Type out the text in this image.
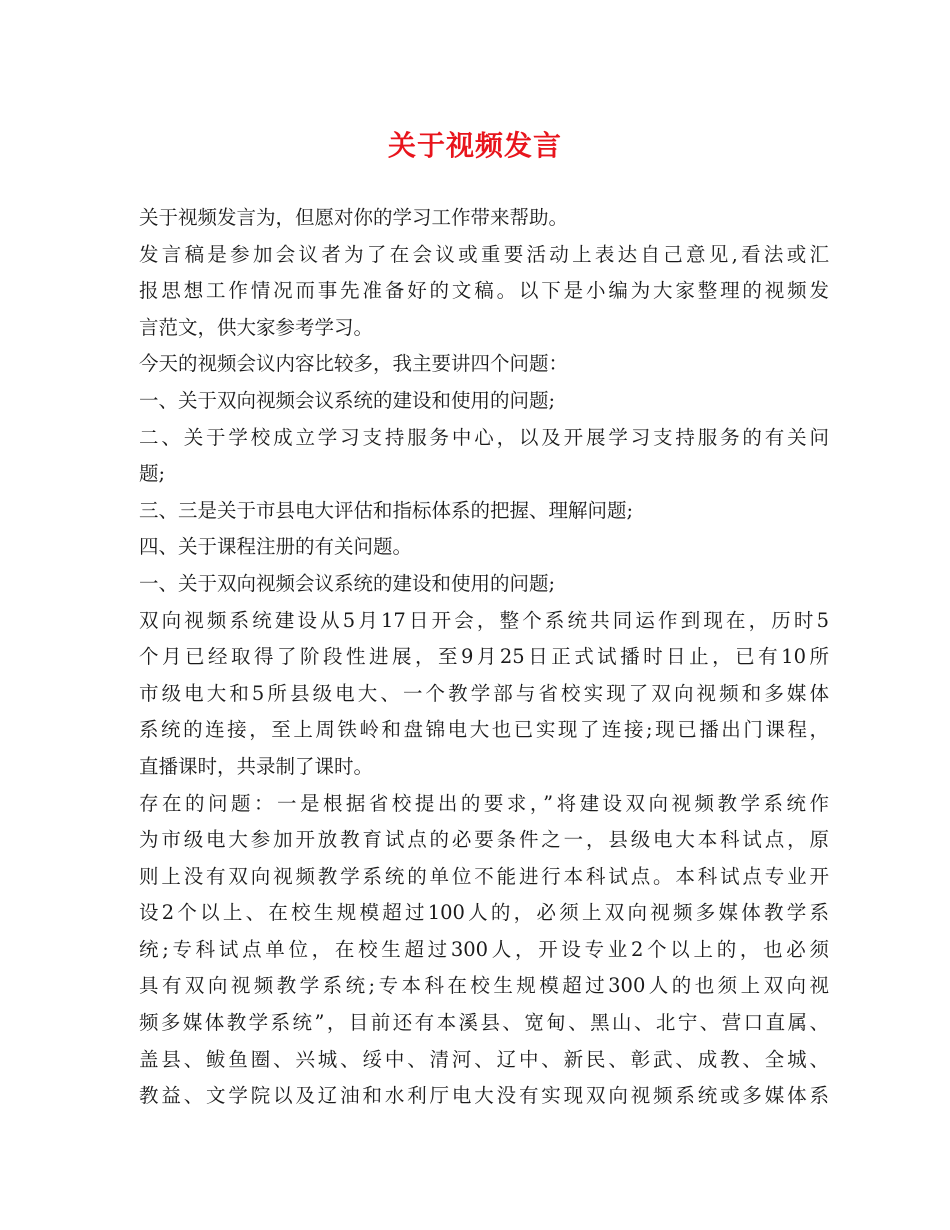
关于视频发言
关于视频发言为，但愿对你的学习工作带来帮助。
发言稿是参加会议者为了在会议或重要活动上表达自己意见,看法或汇
报思想工作情况而事先准备好的文稿。以下是小编为大家整理的视频发
言范文，供大家参考学习。
今天的视频会议内容比较多，我主要讲四个问题：
一、关于双向视频会议系统的建设和使用的问题;
二、关于学校成立学习支持服务中心，以及开展学习支持服务的有关问
题;
三、三是关于市县电大评估和指标体系的把握、理解问题;
四、关于课程注册的有关问题。
一、关于双向视频会议系统的建设和使用的问题;
双向视频系统建设从5月17日开会，整个系统共同运作到现在，历时5
个月已经取得了阶段性进展，至9月25日正式试播时日止，已有10所
市级电大和5所县级电大、一个教学部与省校实现了双向视频和多媒体
系统的连接，至上周铁岭和盘锦电大也已实现了连接;现已播出门课程，
直播课时，共录制了课时。
存在的问题：一是根据省校提出的要求，”将建设双向视频教学系统作
为市级电大参加开放教育试点的必要条件之一，县级电大本科试点，原
则上没有双向视频教学系统的单位不能进行本科试点。本科试点专业开
设2个以上、在校生规模超过100人的，必须上双向视频多媒体教学系
统;专科试点单位，在校生超过300人，开设专业2个以上的，也必须
具有双向视频教学系统;专本科在校生规模超过300人的也须上双向视
频多媒体教学系统”，目前还有本溪县、宽甸、黑山、北宁、营口直属、
盖县、鲅鱼圈、兴城、绥中、清河、辽中、新民、彰武、成教、全城、
教益、文学院以及辽油和水利厅电大没有实现双向视频系统或多媒体系
